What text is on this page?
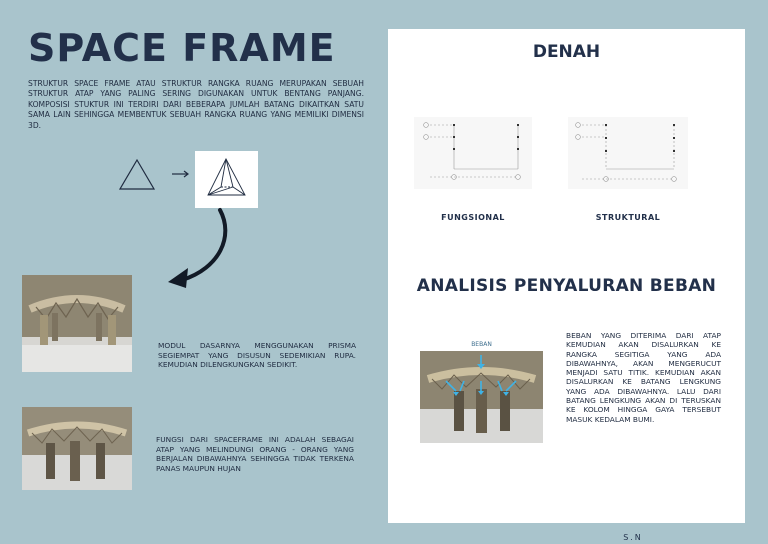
SPACE FRAME
STRUKTUR SPACE FRAME ATAU STRUKTUR RANGKA RUANG MERUPAKAN SEBUAH STRUKTUR ATAP YANG PALING SERING DIGUNAKAN UNTUK BENTANG PANJANG. KOMPOSISI STUKTUR INI TERDIRI DARI BEBERAPA JUMLAH BATANG DIKAITKAN SATU SAMA LAIN SEHINGGA MEMBENTUK SEBUAH RANGKA RUANG YANG MEMILIKI DIMENSI 3D.
MODUL DASARNYA MENGGUNAKAN PRISMA SEGIEMPAT YANG DISUSUN SEDEMIKIAN RUPA. KEMUDIAN DILENGKUNGKAN SEDIKIT.
FUNGSI DARI SPACEFRAME INI ADALAH SEBAGAI ATAP YANG MELINDUNGI ORANG - ORANG YANG BERJALAN DIBAWAHNYA SEHINGGA TIDAK TERKENA PANAS MAUPUN HUJAN
DENAH
FUNGSIONAL	STRUKTURAL
ANALISIS PENYALURAN BEBAN
BEBAN
BEBAN YANG DITERIMA DARI ATAP KEMUDIAN AKAN DISALURKAN KE RANGKA SEGITIGA YANG ADA DIBAWAHNYA, AKAN MENGERUCUT MENJADI SATU TITIK. KEMUDIAN AKAN DISALURKAN KE BATANG LENGKUNG YANG ADA DIBAWAHNYA. LALU DARI BATANG LENGKUNG AKAN DI TERUSKAN KE KOLOM HINGGA GAYA TERSEBUT MASUK KEDALAM BUMI.
S.N
